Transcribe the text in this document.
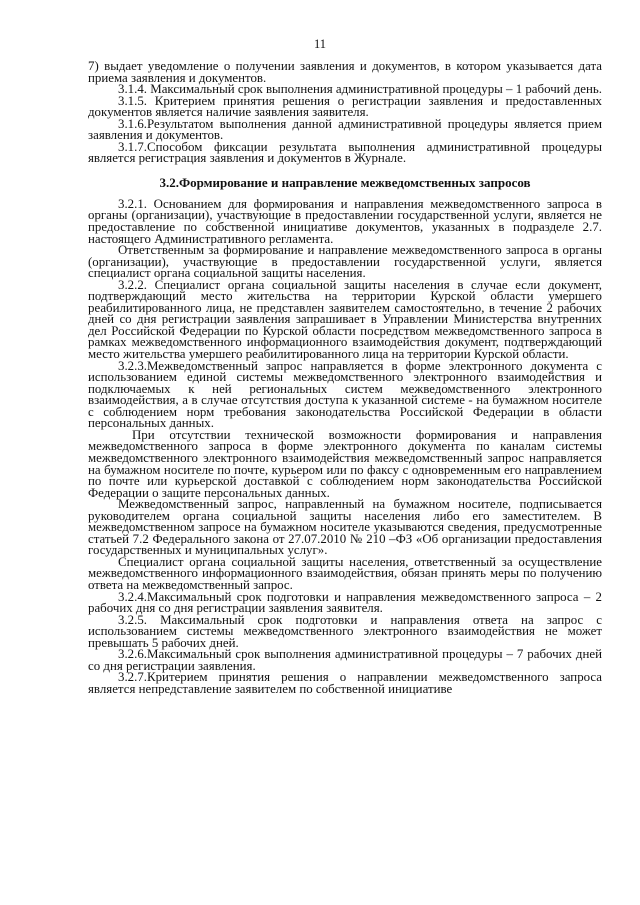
11

7) выдает уведомление о получении заявления и документов, в котором указывается дата приема заявления и документов.

3.1.4. Максимальный срок выполнения административной процедуры – 1 рабочий день.

3.1.5. Критерием принятия решения о регистрации заявления и предоставленных документов является наличие заявления заявителя.

3.1.6.Результатом выполнения данной административной процедуры является прием заявления и документов.

3.1.7.Способом фиксации результата выполнения административной процедуры является регистрация заявления и документов в Журнале.

3.2.Формирование и направление межведомственных запросов

3.2.1. Основанием для формирования и направления межведомственного запроса в органы (организации), участвующие в предоставлении государственной услуги, является не предоставление по собственной инициативе документов, указанных в подразделе 2.7. настоящего Административного регламента.

Ответственным за формирование и направление межведомственного запроса в органы (организации), участвующие в предоставлении государственной услуги, является специалист органа социальной защиты населения.

3.2.2. Специалист органа социальной защиты населения в случае если документ, подтверждающий место жительства на территории Курской области умершего реабилитированного лица, не представлен заявителем самостоятельно, в течение 2 рабочих дней со дня регистрации заявления запрашивает в Управлении Министерства внутренних дел Российской Федерации по Курской области посредством межведомственного запроса в рамках межведомственного информационного взаимодействия документ, подтверждающий место жительства умершего реабилитированного лица на территории Курской области.

3.2.3.Межведомственный запрос направляется в форме электронного документа с использованием единой системы межведомственного электронного взаимодействия и подключаемых к ней региональных систем межведомственного электронного взаимодействия, а в случае отсутствия доступа к указанной системе - на бумажном носителе с соблюдением норм требования законодательства Российской Федерации в области персональных данных.

При отсутствии технической возможности формирования и направления межведомственного запроса в форме электронного документа по каналам системы межведомственного электронного взаимодействия межведомственный запрос направляется на бумажном носителе по почте, курьером или по факсу с одновременным его направлением по почте или курьерской доставкой с соблюдением норм законодательства Российской Федерации о защите персональных данных.

Межведомственный запрос, направленный на бумажном носителе, подписывается руководителем органа социальной защиты населения либо его заместителем. В межведомственном запросе на бумажном носителе указываются сведения, предусмотренные статьей 7.2 Федерального закона от 27.07.2010 № 210 –ФЗ «Об организации предоставления государственных и муниципальных услуг».

Специалист органа социальной защиты населения, ответственный за осуществление межведомственного информационного взаимодействия, обязан принять меры по получению ответа на межведомственный запрос.

3.2.4.Максимальный срок подготовки и направления межведомственного запроса – 2 рабочих дня со дня регистрации заявления заявителя.

3.2.5. Максимальный срок подготовки и направления ответа на запрос с использованием системы межведомственного электронного взаимодействия не может превышать 5 рабочих дней.

3.2.6.Максимальный срок выполнения административной процедуры – 7 рабочих дней со дня регистрации заявления.

3.2.7.Критерием принятия решения о направлении межведомственного запроса является непредставление заявителем по собственной инициативе
